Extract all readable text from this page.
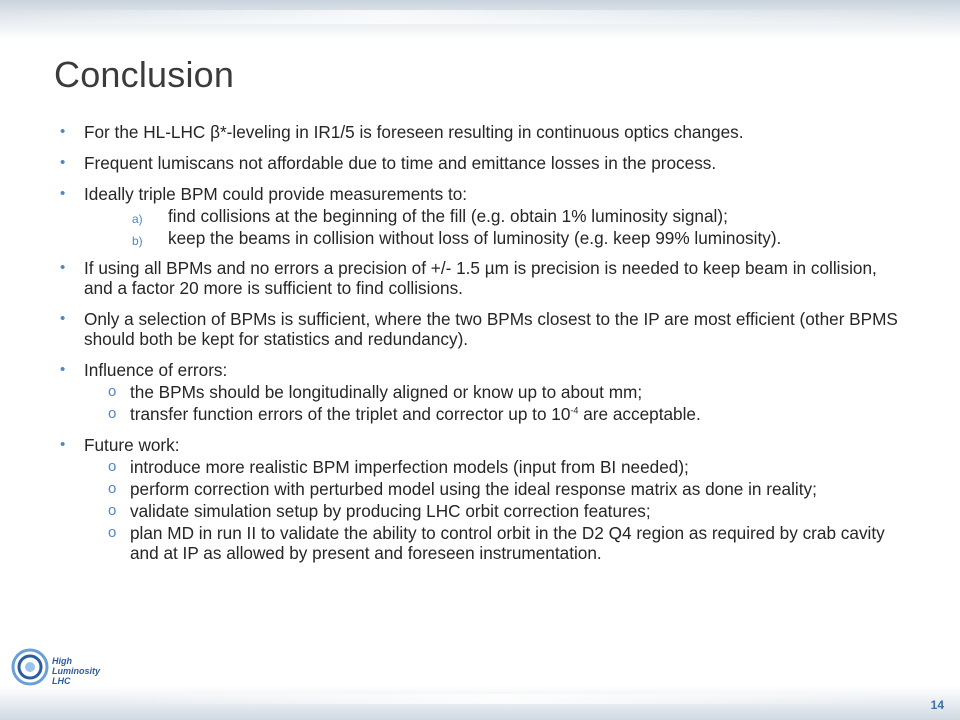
Conclusion
• For the HL-LHC β*-leveling in IR1/5 is foreseen resulting in continuous optics changes.
• Frequent lumiscans not affordable due to time and emittance losses in the process.
• Ideally triple BPM could provide measurements to:
a) find collisions at the beginning of the fill (e.g. obtain 1% luminosity signal);
b) keep the beams in collision without loss of luminosity (e.g. keep 99% luminosity).
• If using all BPMs and no errors a precision of +/- 1.5 µm is precision is needed to keep beam in collision, and a factor 20 more is sufficient to find collisions.
• Only a selection of BPMs is sufficient, where the two BPMs closest to the IP are most efficient (other BPMS should both be kept for statistics and redundancy).
• Influence of errors:
o the BPMs should be longitudinally aligned or know up to about mm;
o transfer function errors of the triplet and corrector up to $10^{-4}$ are acceptable.
• Future work:
o introduce more realistic BPM imperfection models (input from BI needed);
o perform correction with perturbed model using the ideal response matrix as done in reality;
o validate simulation setup by producing LHC orbit correction features;
o plan MD in run II to validate the ability to control orbit in the D2 Q4 region as required by crab cavity and at IP as allowed by present and foreseen instrumentation.
High
Luminosity
LHC
14
